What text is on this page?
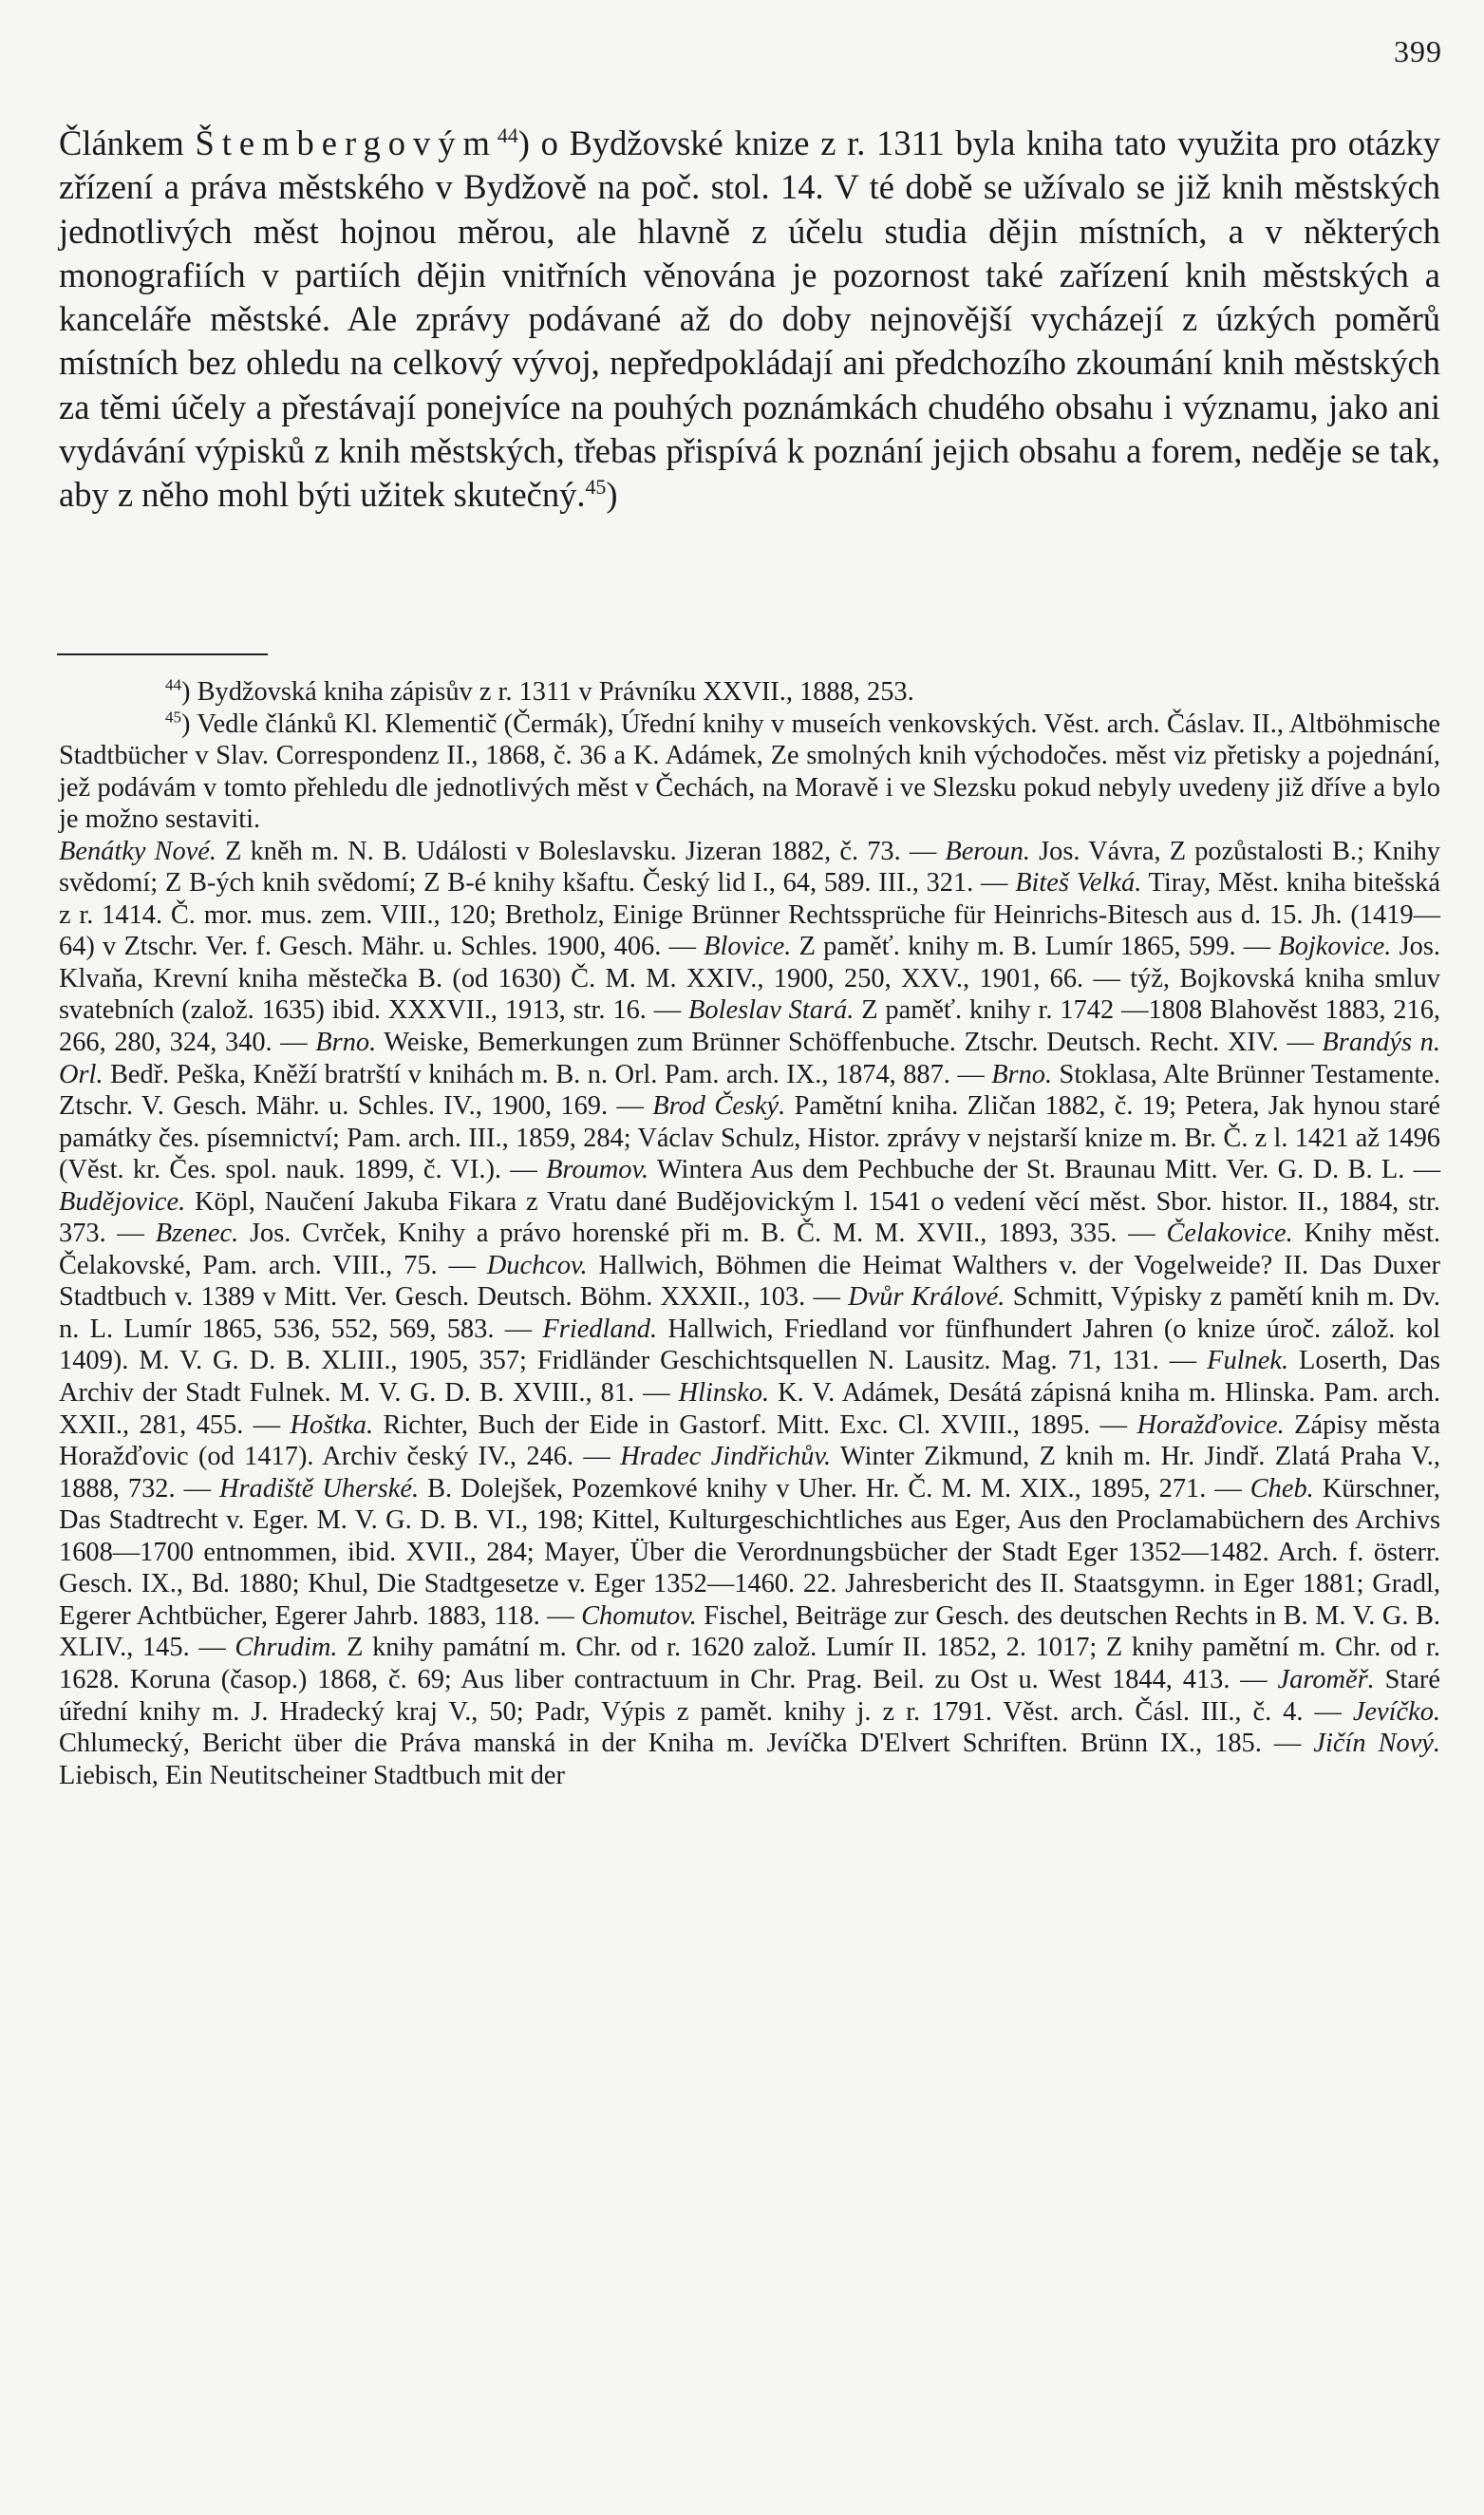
399

Článkem Štembergovým$^{44}$) o Bydžovské knize z r. 1311 byla kniha tato využita pro otázky zřízení a práva městského v Bydžově na poč. stol. 14. V té době se užívalo se již knih městských jednotlivých měst hojnou měrou, ale hlavně z účelu studia dějin místních, a v některých monografiích v partiích dějin vnitřních věnována je pozornost také zařízení knih městských a kanceláře městské. Ale zprávy podávané až do doby nejnovější vycházejí z úzkých poměrů místních bez ohledu na celkový vývoj, nepředpokládají ani předchozího zkoumání knih městských za těmi účely a přestávají ponejvíce na pouhých poznámkách chudého obsahu i významu, jako ani vydávání výpisků z knih městských, třebas přispívá k poznání jejich obsahu a forem, neděje se tak, aby z něho mohl býti užitek skutečný.$^{45}$)

$^{44}$) Bydžovská kniha zápisův z r. 1311 v Právníku XXVII., 1888, 253.

$^{45}$) Vedle článků Kl. Klementič (Čermák), Úřední knihy v museích venkovských. Věst. arch. Čáslav. II., Altböhmische Stadtbücher v Slav. Correspondenz II., 1868, č. 36 a K. Adámek, Ze smolných knih východočes. měst viz přetisky a pojednání, jež podávám v tomto přehledu dle jednotlivých měst v Čechách, na Moravě i ve Slezsku pokud nebyly uvedeny již dříve a bylo je možno sestaviti.

Benátky Nové. Z kněh m. N. B. Události v Boleslavsku. Jizeran 1882, č. 73. — Beroun. Jos. Vávra, Z pozůstalosti B.; Knihy svědomí; Z B-ých knih svědomí; Z B-é knihy kšaftu. Český lid I., 64, 589. III., 321. — Biteš Velká. Tiray, Měst. kniha bitešská z r. 1414. Č. mor. mus. zem. VIII., 120; Bretholz, Einige Brünner Rechtssprüche für Heinrichs-Bitesch aus d. 15. Jh. (1419—64) v Ztschr. Ver. f. Gesch. Mähr. u. Schles. 1900, 406. — Blovice. Z paměť. knihy m. B. Lumír 1865, 599. — Bojkovice. Jos. Klvaňa, Krevní kniha městečka B. (od 1630) Č. M. M. XXIV., 1900, 250, XXV., 1901, 66. — týž, Bojkovská kniha smluv svatebních (založ. 1635) ibid. XXXVII., 1913, str. 16. — Boleslav Stará. Z paměť. knihy r. 1742 —1808 Blahověst 1883, 216, 266, 280, 324, 340. — Brno. Weiske, Bemerkungen zum Brünner Schöffenbuche. Ztschr. Deutsch. Recht. XIV. — Brandýs n. Orl. Bedř. Peška, Kněží bratrští v knihách m. B. n. Orl. Pam. arch. IX., 1874, 887. — Brno. Stoklasa, Alte Brünner Testamente. Ztschr. V. Gesch. Mähr. u. Schles. IV., 1900, 169. — Brod Český. Pamětní kniha. Zličan 1882, č. 19; Petera, Jak hynou staré památky čes. písemnictví; Pam. arch. III., 1859, 284; Václav Schulz, Histor. zprávy v nejstarší knize m. Br. Č. z l. 1421 až 1496 (Věst. kr. Čes. spol. nauk. 1899, č. VI.). — Broumov. Wintera Aus dem Pechbuche der St. Braunau Mitt. Ver. G. D. B. L. — Budějovice. Köpl, Naučení Jakuba Fikara z Vratu dané Budějovickým l. 1541 o vedení věcí měst. Sbor. histor. II., 1884, str. 373. — Bzenec. Jos. Cvrček, Knihy a právo horenské při m. B. Č. M. M. XVII., 1893, 335. — Čelakovice. Knihy měst. Čelakovské, Pam. arch. VIII., 75. — Duchcov. Hallwich, Böhmen die Heimat Walthers v. der Vogelweide? II. Das Duxer Stadtbuch v. 1389 v Mitt. Ver. Gesch. Deutsch. Böhm. XXXII., 103. — Dvůr Králové. Schmitt, Výpisky z pamětí knih m. Dv. n. L. Lumír 1865, 536, 552, 569, 583. — Friedland. Hallwich, Friedland vor fünfhundert Jahren (o knize úroč. zálož. kol 1409). M. V. G. D. B. XLIII., 1905, 357; Fridländer Geschichtsquellen N. Lausitz. Mag. 71, 131. — Fulnek. Loserth, Das Archiv der Stadt Fulnek. M. V. G. D. B. XVIII., 81. — Hlinsko. K. V. Adámek, Desátá zápisná kniha m. Hlinska. Pam. arch. XXII., 281, 455. — Hoštka. Richter, Buch der Eide in Gastorf. Mitt. Exc. Cl. XVIII., 1895. — Horažďovice. Zápisy města Horažďovic (od 1417). Archiv český IV., 246. — Hradec Jindřichův. Winter Zikmund, Z knih m. Hr. Jindř. Zlatá Praha V., 1888, 732. — Hradiště Uherské. B. Dolejšek, Pozemkové knihy v Uher. Hr. Č. M. M. XIX., 1895, 271. — Cheb. Kürschner, Das Stadtrecht v. Eger. M. V. G. D. B. VI., 198; Kittel, Kulturgeschichtliches aus Eger, Aus den Proclamabüchern des Archivs 1608—1700 entnommen, ibid. XVII., 284; Mayer, Über die Verordnungsbücher der Stadt Eger 1352—1482. Arch. f. österr. Gesch. IX., Bd. 1880; Khul, Die Stadtgesetze v. Eger 1352—1460. 22. Jahresbericht des II. Staatsgymn. in Eger 1881; Gradl, Egerer Achtbücher, Egerer Jahrb. 1883, 118. — Chomutov. Fischel, Beiträge zur Gesch. des deutschen Rechts in B. M. V. G. B. XLIV., 145. — Chrudim. Z knihy památní m. Chr. od r. 1620 založ. Lumír II. 1852, 2. 1017; Z knihy pamětní m. Chr. od r. 1628. Koruna (časop.) 1868, č. 69; Aus liber contractuum in Chr. Prag. Beil. zu Ost u. West 1844, 413. — Jaroměř. Staré úřední knihy m. J. Hradecký kraj V., 50; Padr, Výpis z pamět. knihy j. z r. 1791. Věst. arch. Čásl. III., č. 4. — Jevíčko. Chlumecký, Bericht über die Práva manská in der Kniha m. Jevíčka D'Elvert Schriften. Brünn IX., 185. — Jičín Nový. Liebisch, Ein Neutitscheiner Stadtbuch mit der
